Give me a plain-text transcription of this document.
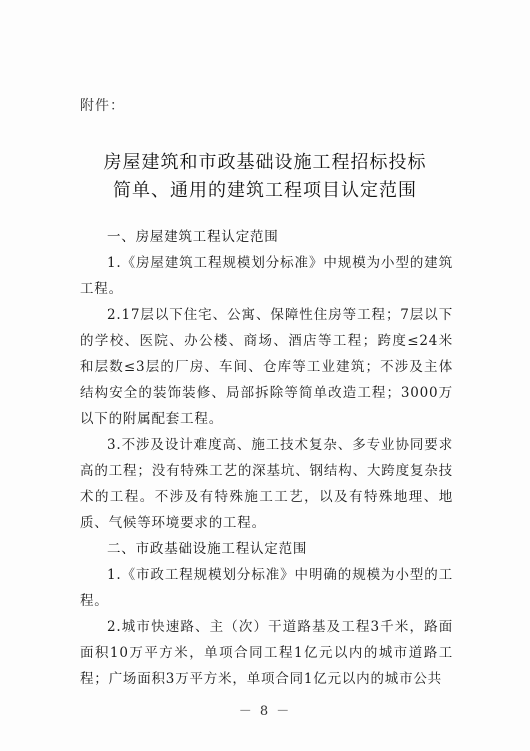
附件：
房屋建筑和市政基础设施工程招标投标
简单、通用的建筑工程项目认定范围
一、房屋建筑工程认定范围
1.《房屋建筑工程规模划分标准》中规模为小型的建筑工程。
2.17层以下住宅、公寓、保障性住房等工程；7层以下的学校、医院、办公楼、商场、酒店等工程；跨度≤24米和层数≤3层的厂房、车间、仓库等工业建筑；不涉及主体结构安全的装饰装修、局部拆除等简单改造工程；3000万以下的附属配套工程。
3.不涉及设计难度高、施工技术复杂、多专业协同要求高的工程；没有特殊工艺的深基坑、钢结构、大跨度复杂技术的工程。不涉及有特殊施工工艺，以及有特殊地理、地质、气候等环境要求的工程。
二、市政基础设施工程认定范围
1.《市政工程规模划分标准》中明确的规模为小型的工程。
2.城市快速路、主（次）干道路基及工程3千米，路面面积10万平方米，单项合同工程1亿元以内的城市道路工程；广场面积3万平方米，单项合同1亿元以内的城市公共
－ 8 －
